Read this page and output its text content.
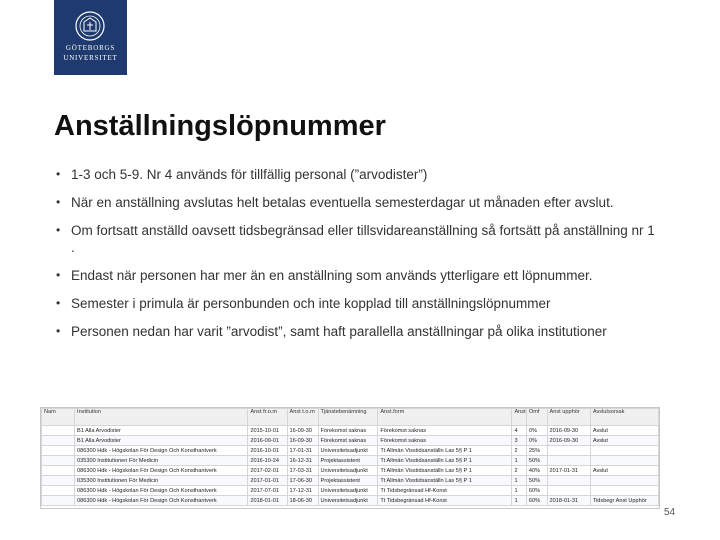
GÖTEBORGS
UNIVERSITET
Anställningslöpnummer
• 1-3 och 5-9. Nr 4 används för tillfällig personal (”arvodister”)
• När en anställning avslutas helt betalas eventuella semesterdagar ut månaden efter avslut.
• Om fortsatt anställd oavsett tidsbegränsad eller tillsvidareanställning så fortsätt på anställning nr 1 .
• Endast när personen har mer än en anställning som används ytterligare ett löpnummer.
• Semester i primula är personbunden och inte kopplad till anställningslöpnummer
• Personen nedan har varit ”arvodist”, samt haft parallella anställningar på olika institutioner
Nam	Institution	Anst fr.o.m	Anst t.o.m	Tjänstebenämning	Anst.form	Anst	Omf	Anst upphör	Avslutsorsak
	B1 Alla Arvodister	2015-10-01	16-09-30	Förekomst saknas	Förekomst saknas	4	0%	2016-09-30	Avslut
	B1 Alla Arvodister	2016-09-01	16-09-30	Förekomst saknas	Förekomst saknas	3	0%	2016-09-30	Avslut
	086300 Hdk - Högskolan För Design Och Konsthantverk	2016-10-01	17-01-31	Universitetsadjunkt	Tt Allmän Visstidsanställn Las 5§ P 1	2	25%		
	035300 Institutionen För Medicin	2016-10-24	16-12-31	Projektassistent	Tt Allmän Visstidsanställn Las 5§ P 1	1	50%		
	086300 Hdk - Högskolan För Design Och Konsthantverk	2017-02-01	17-03-31	Universitetsadjunkt	Tt Allmän Visstidsanställn Las 5§ P 1	2	40%	2017-01-31	Avslut
	035300 Institutionen För Medicin	2017-01-01	17-06-30	Projektassistent	Tt Allmän Visstidsanställn Las 5§ P 1	1	50%		
	086300 Hdk - Högskolan För Design Och Konsthantverk	2017-07-01	17-12-31	Universitetsadjunkt	Tt Tidsbegränsad Hf-Konst	1	60%		
	086300 Hdk - Högskolan För Design Och Konsthantverk	2018-01-01	18-06-30	Universitetsadjunkt	Tt Tidsbegränsad Hf-Konst	1	60%	2018-01-31	Tidsbegr Anst Upphör
54
